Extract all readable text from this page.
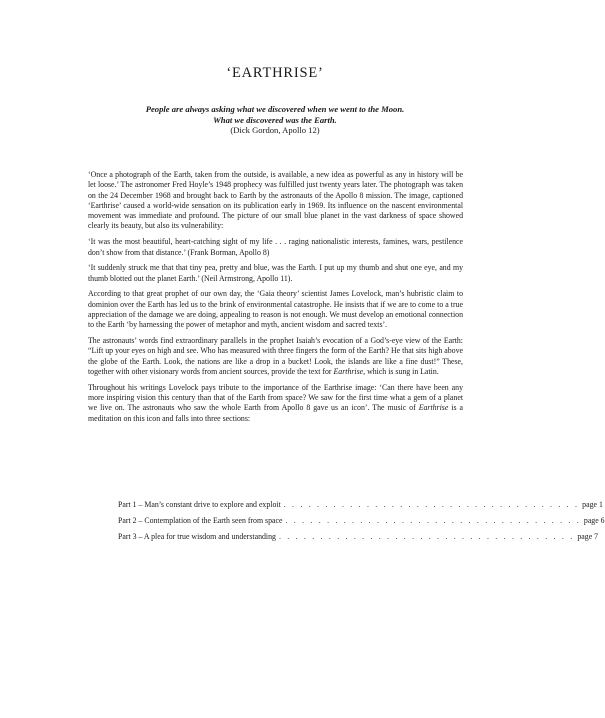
‘EARTHRISE’
People are always asking what we discovered when we went to the Moon.
What we discovered was the Earth.
(Dick Gordon, Apollo 12)

‘Once a photograph of the Earth, taken from the outside, is available, a new idea as powerful as any in history will be let loose.’ The astronomer Fred Hoyle’s 1948 prophecy was fulfilled just twenty years later. The photograph was taken on the 24 December 1968 and brought back to Earth by the astronauts of the Apollo 8 mission. The image, captioned ‘Earthrise’ caused a world-wide sensation on its publication early in 1969. Its influence on the nascent environmental movement was immediate and profound. The picture of our small blue planet in the vast darkness of space showed clearly its beauty, but also its vulnerability:

‘It was the most beautiful, heart-catching sight of my life . . . raging nationalistic interests, famines, wars, pestilence don’t show from that distance.’ (Frank Borman, Apollo 8)

‘It suddenly struck me that that tiny pea, pretty and blue, was the Earth. I put up my thumb and shut one eye, and my thumb blotted out the planet Earth.’ (Neil Armstrong, Apollo 11).

According to that great prophet of our own day, the ‘Gaia theory’ scientist James Lovelock, man’s hubristic claim to dominion over the Earth has led us to the brink of environmental catastrophe. He insists that if we are to come to a true appreciation of the damage we are doing, appealing to reason is not enough. We must develop an emotional connection to the Earth ‘by harnessing the power of metaphor and myth, ancient wisdom and sacred texts’.

The astronauts’ words find extraordinary parallels in the prophet Isaiah’s evocation of a God’s-eye view of the Earth: “Lift up your eyes on high and see. Who has measured with three fingers the form of the Earth? He that sits high above the globe of the Earth. Look, the nations are like a drop in a bucket! Look, the islands are like a fine dust!” These, together with other visionary words from ancient sources, provide the text for Earthrise, which is sung in Latin.

Throughout his writings Lovelock pays tribute to the importance of the Earthrise image: ‘Can there have been any more inspiring vision this century than that of the Earth from space? We saw for the first time what a gem of a planet we live on. The astronauts who saw the whole Earth from Apollo 8 gave us an icon’. The music of Earthrise is a meditation on this icon and falls into three sections:

Part 1 – Man’s constant drive to explore and exploit . . . . . . . . . . . . . . . . . . . . . . . . . . . . . . . . . . . . page 1
Part 2 – Contemplation of the Earth seen from space . . . . . . . . . . . . . . . . . . . . . . . . . . . . . . . . . . . . page 6
Part 3 – A plea for true wisdom and understanding . . . . . . . . . . . . . . . . . . . . . . . . . . . . . . . . . . . . page 7
